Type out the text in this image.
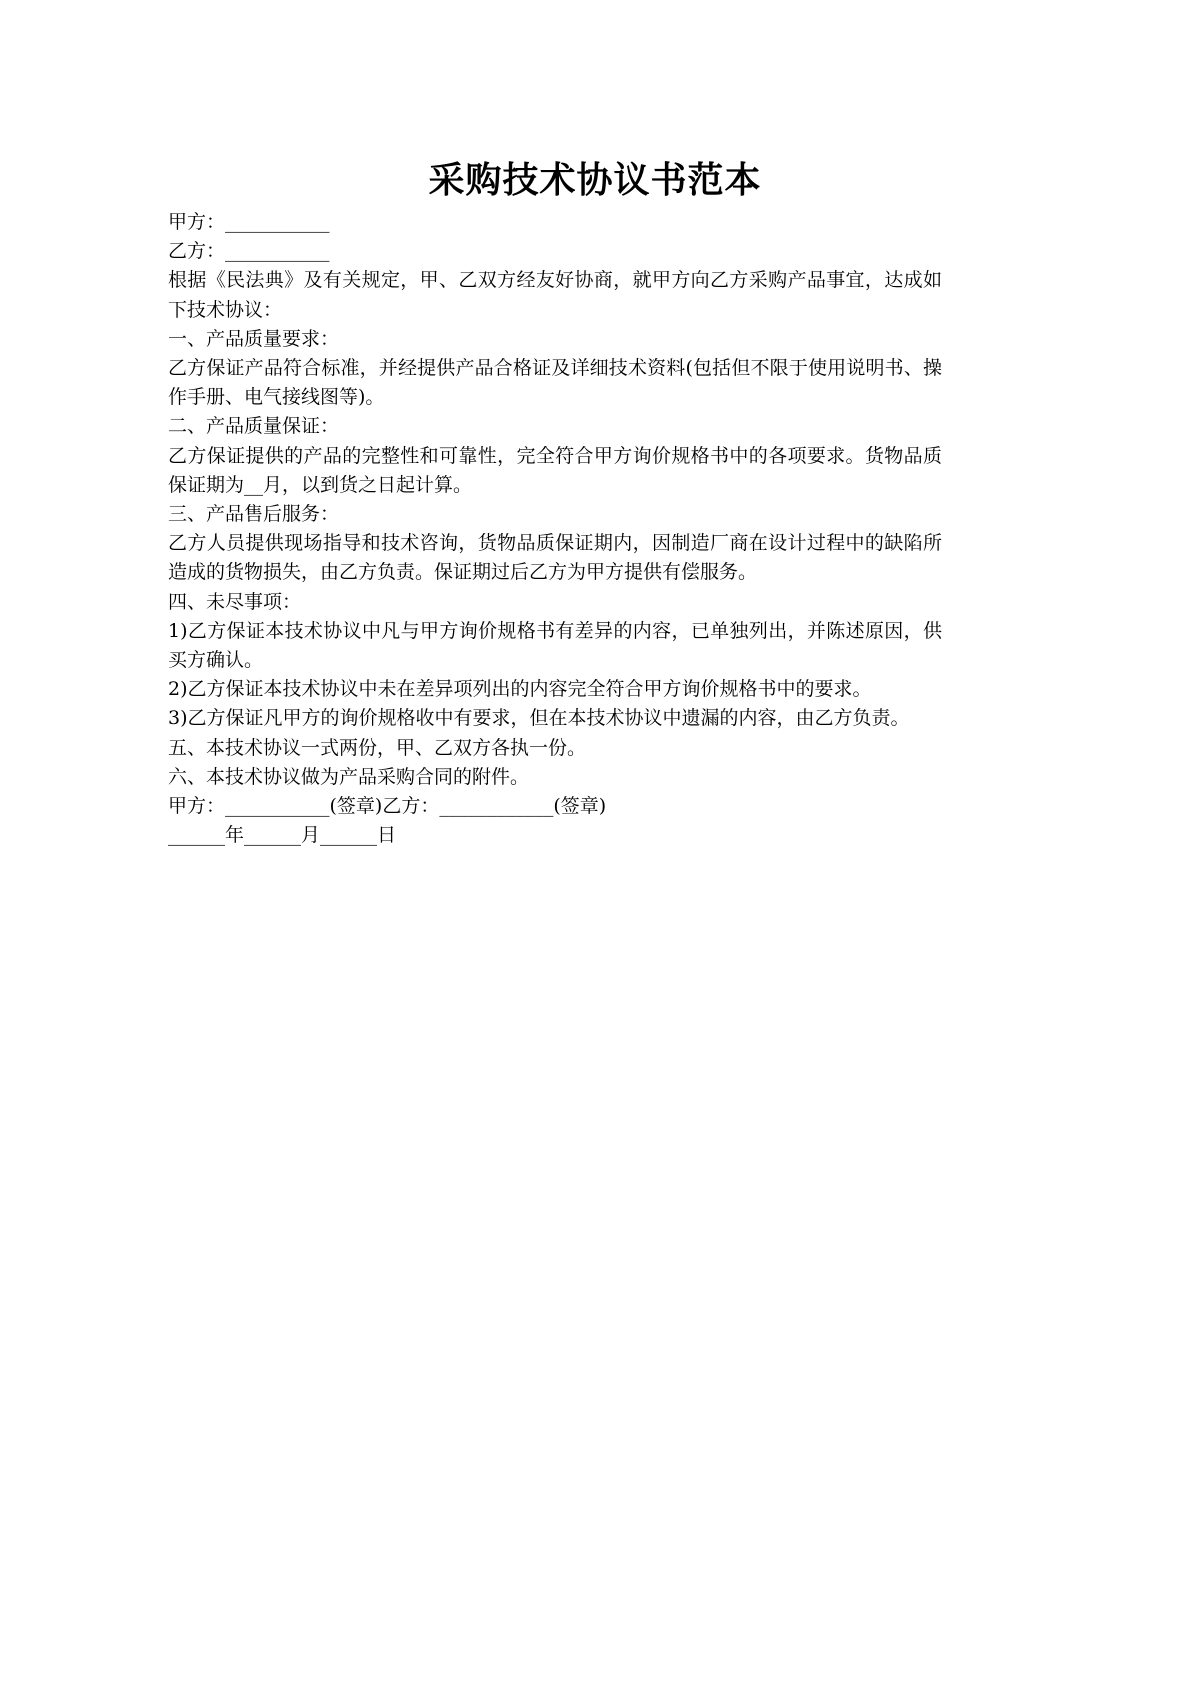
采购技术协议书范本

甲方：___________

乙方：___________

根据《民法典》及有关规定，甲、乙双方经友好协商，就甲方向乙方采购产品事宜，达成如下技术协议：

一、产品质量要求：

乙方保证产品符合标准，并经提供产品合格证及详细技术资料(包括但不限于使用说明书、操作手册、电气接线图等)。

二、产品质量保证：

乙方保证提供的产品的完整性和可靠性，完全符合甲方询价规格书中的各项要求。货物品质保证期为__月，以到货之日起计算。

三、产品售后服务：

乙方人员提供现场指导和技术咨询，货物品质保证期内，因制造厂商在设计过程中的缺陷所造成的货物损失，由乙方负责。保证期过后乙方为甲方提供有偿服务。

四、未尽事项：

1)乙方保证本技术协议中凡与甲方询价规格书有差异的内容，已单独列出，并陈述原因，供买方确认。

2)乙方保证本技术协议中未在差异项列出的内容完全符合甲方询价规格书中的要求。

3)乙方保证凡甲方的询价规格收中有要求，但在本技术协议中遗漏的内容，由乙方负责。

五、本技术协议一式两份，甲、乙双方各执一份。

六、本技术协议做为产品采购合同的附件。

甲方：___________(签章)乙方：____________(签章)

______年______月______日
